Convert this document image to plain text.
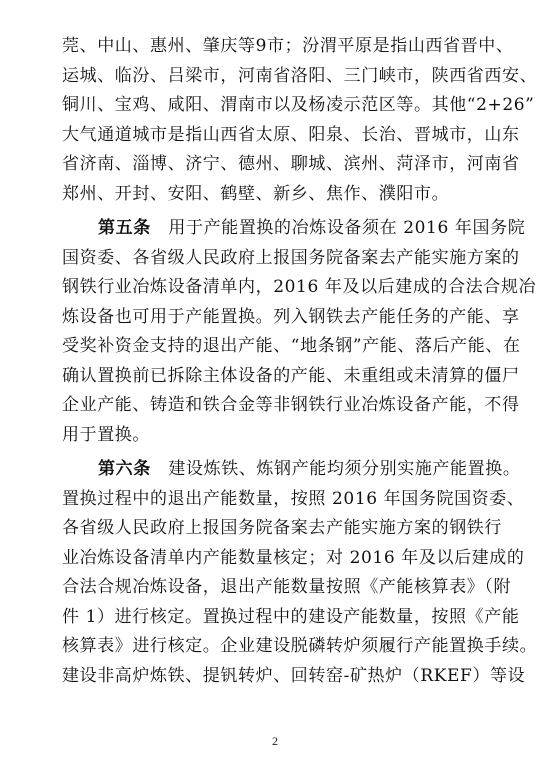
莞、中山、惠州、肇庆等9市；汾渭平原是指山西省晋中、
运城、临汾、吕梁市，河南省洛阳、三门峡市，陕西省西安、
铜川、宝鸡、咸阳、渭南市以及杨凌示范区等。其他“2+26”
大气通道城市是指山西省太原、阳泉、长治、晋城市，山东
省济南、淄博、济宁、德州、聊城、滨州、菏泽市，河南省
郑州、开封、安阳、鹤壁、新乡、焦作、濮阳市。
第五条  用于产能置换的冶炼设备须在 2016 年国务院
国资委、各省级人民政府上报国务院备案去产能实施方案的
钢铁行业冶炼设备清单内，2016 年及以后建成的合法合规冶
炼设备也可用于产能置换。列入钢铁去产能任务的产能、享
受奖补资金支持的退出产能、“地条钢”产能、落后产能、在
确认置换前已拆除主体设备的产能、未重组或未清算的僵尸
企业产能、铸造和铁合金等非钢铁行业冶炼设备产能，不得
用于置换。
第六条  建设炼铁、炼钢产能均须分别实施产能置换。
置换过程中的退出产能数量，按照 2016 年国务院国资委、
各省级人民政府上报国务院备案去产能实施方案的钢铁行
业冶炼设备清单内产能数量核定；对 2016 年及以后建成的
合法合规冶炼设备，退出产能数量按照《产能核算表》（附
件 1）进行核定。置换过程中的建设产能数量，按照《产能
核算表》进行核定。企业建设脱磷转炉须履行产能置换手续。
建设非高炉炼铁、提钒转炉、回转窑-矿热炉（RKEF）等设
2
